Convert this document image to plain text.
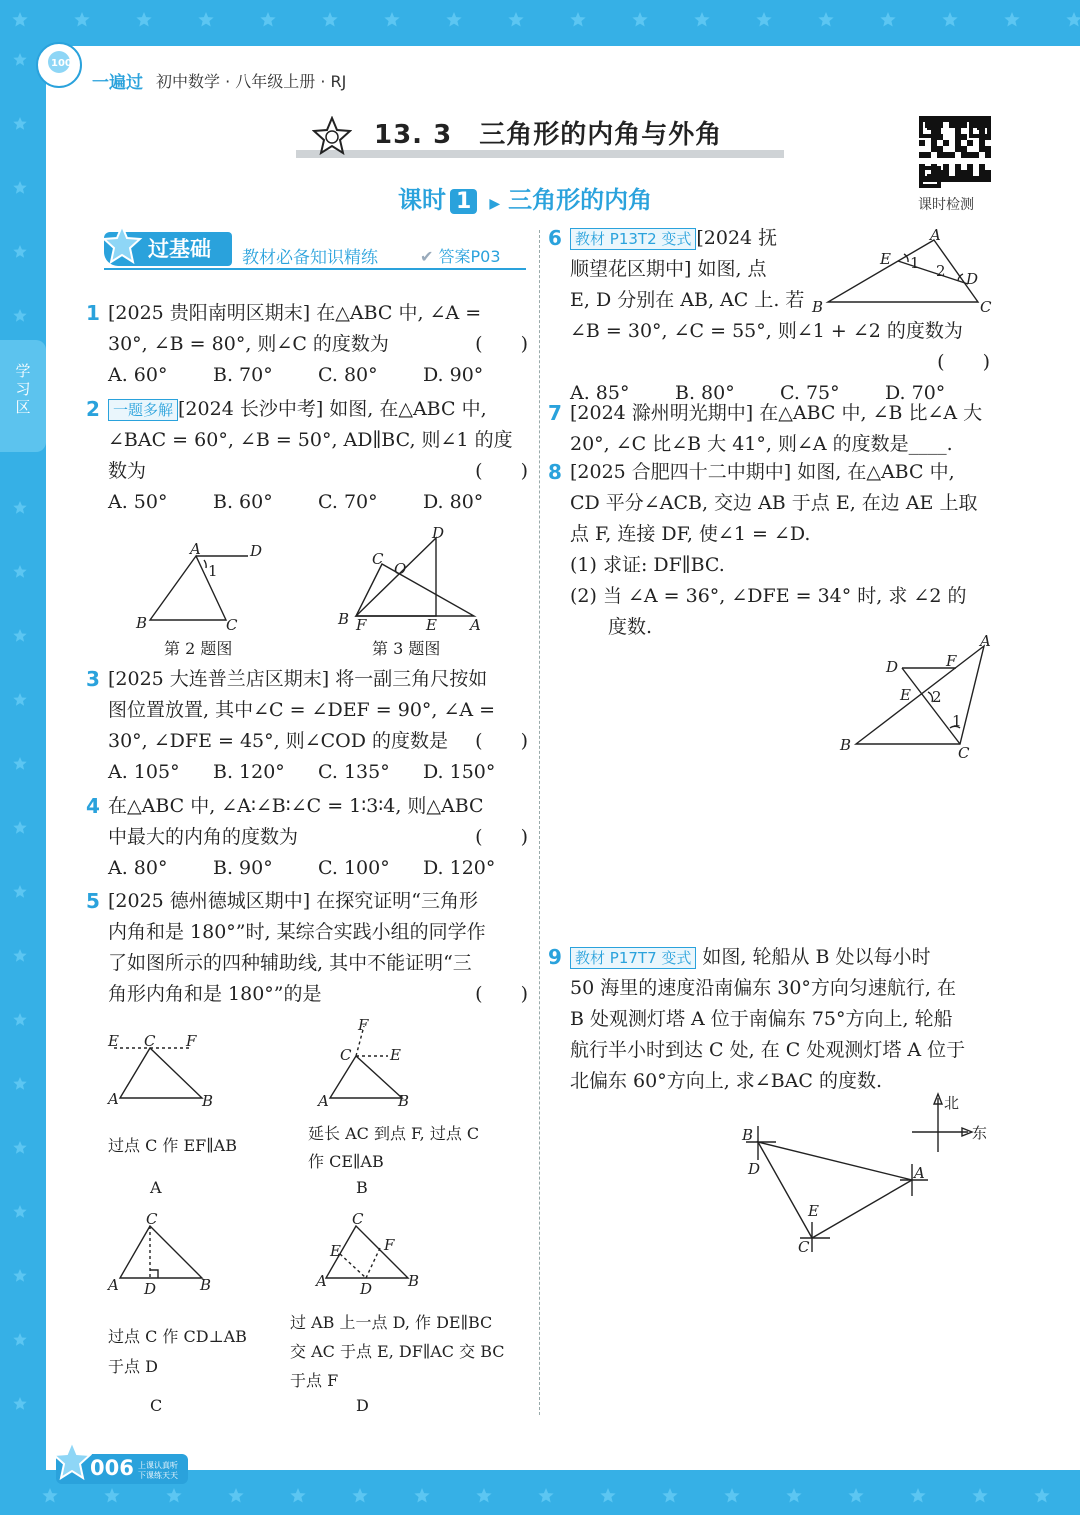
学习区
100
一遍过 初中数学 · 八年级上册 · RJ
13. 3　三角形的内角与外角
课时检测
课时 1 ▶ 三角形的内角
过基础	教材必备知识精练	✔ 答案P03
1 [2025 贵阳南明区期末] 在△ABC 中, ∠A =

30°, ∠B = 80°, 则∠C 的度数为	(　　)

A. 60°	B. 70°	C. 80°	D. 90°
2 一题多解 [2024 长沙中考] 如图, 在△ABC 中,

∠BAC = 60°, ∠B = 50°, AD∥BC, 则∠1 的度

数为	(　　)

A. 50°	B. 60°	C. 70°	D. 80°
A	D
B	C
1
第 2 题图
D
C
O
B F	E A
第 3 题图
3 [2025 大连普兰店区期末] 将一副三角尺按如

图位置放置, 其中∠C = ∠DEF = 90°, ∠A =

30°, ∠DFE = 45°, 则∠COD 的度数是 (　　)

A. 105°	B. 120°	C. 135°	D. 150°
4 在△ABC 中, ∠A∶∠B∶∠C = 1∶3∶4, 则△ABC

中最大的内角的度数为	(　　)

A. 80°	B. 90°	C. 100°	D. 120°
5 [2025 德州德城区期中] 在探究证明“三角形

内角和是 180°”时, 某综合实践小组的同学作

了如图所示的四种辅助线, 其中不能证明“三

角形内角和是 180°”的是	(　　)

E C F
A	B
过点 C 作 EF∥AB
A
F
C	E
A	B
延长 AC 到点 F, 过点 C
作 CE∥AB
B
C
A D	B
过点 C 作 CD⊥AB
于点 D
C
C
E	F
A D B
过 AB 上一点 D, 作 DE∥BC
交 AC 于点 E, DF∥AC 交 BC
于点 F
D
6 教材 P13T2 变式 [2024 抚

顺望花区期中] 如图, 点

E, D 分别在 AB, AC 上. 若

∠B = 30°, ∠C = 55°, 则∠1 + ∠2 的度数为

(　　)

A. 85°	B. 80°	C. 75°	D. 70°
A
E 1 2 D
B	C
7 [2024 滁州明光期中] 在△ABC 中, ∠B 比∠A 大

20°, ∠C 比∠B 大 41°, 则∠A 的度数是____.

8 [2025 合肥四十二中期中] 如图, 在△ABC 中,

CD 平分∠ACB, 交边 AB 于点 E, 在边 AE 上取

点 F, 连接 DF, 使∠1 = ∠D.

(1) 求证: DF∥BC.

(2) 当 ∠A = 36°, ∠DFE = 34° 时, 求 ∠2 的

　　度数.

A
D	F
E 2
1
B	C
9 教材 P17T7 变式 如图, 轮船从 B 处以每小时

50 海里的速度沿南偏东 30°方向匀速航行, 在

B 处观测灯塔 A 位于南偏东 75°方向上, 轮船

航行半小时到达 C 处, 在 C 处观测灯塔 A 位于

北偏东 60°方向上, 求∠BAC 的度数.

北
东
B
D	A
E
C
006 上课认真听 下课练天天
